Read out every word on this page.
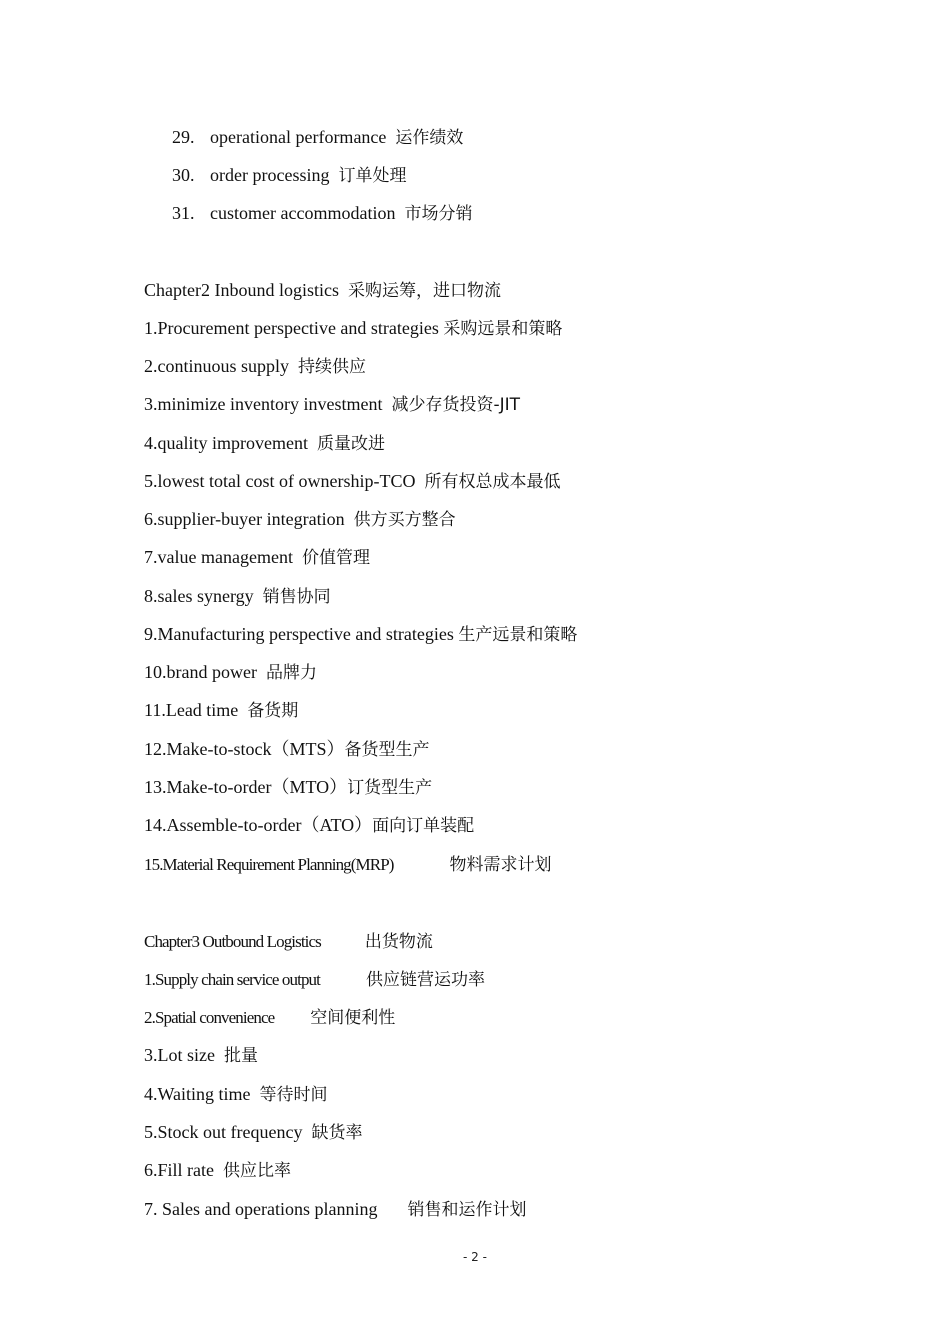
29. operational performance 运作绩效
30. order processing 订单处理
31. customer accommodation 市场分销
Chapter2 Inbound logistics 采购运筹，进口物流
1.Procurement perspective and strategies 采购远景和策略
2.continuous supply 持续供应
3.minimize inventory investment 减少存货投资-JIT
4.quality improvement 质量改进
5.lowest total cost of ownership-TCO 所有权总成本最低
6.supplier-buyer integration 供方买方整合
7.value management 价值管理
8.sales synergy 销售协同
9.Manufacturing perspective and strategies 生产远景和策略
10.brand power 品牌力
11.Lead time 备货期
12.Make-to-stock（MTS）备货型生产
13.Make-to-order（MTO）订货型生产
14.Assemble-to-order（ATO）面向订单装配
15.Material Requirement Planning(MRP)	物料需求计划
Chapter3 Outbound Logistics	出货物流
1.Supply chain service output	供应链营运功率
2.Spatial convenience 空间便利性
3.Lot size 批量
4.Waiting time 等待时间
5.Stock out frequency 缺货率
6.Fill rate 供应比率
7. Sales and operations planning 销售和运作计划
- 2 -
